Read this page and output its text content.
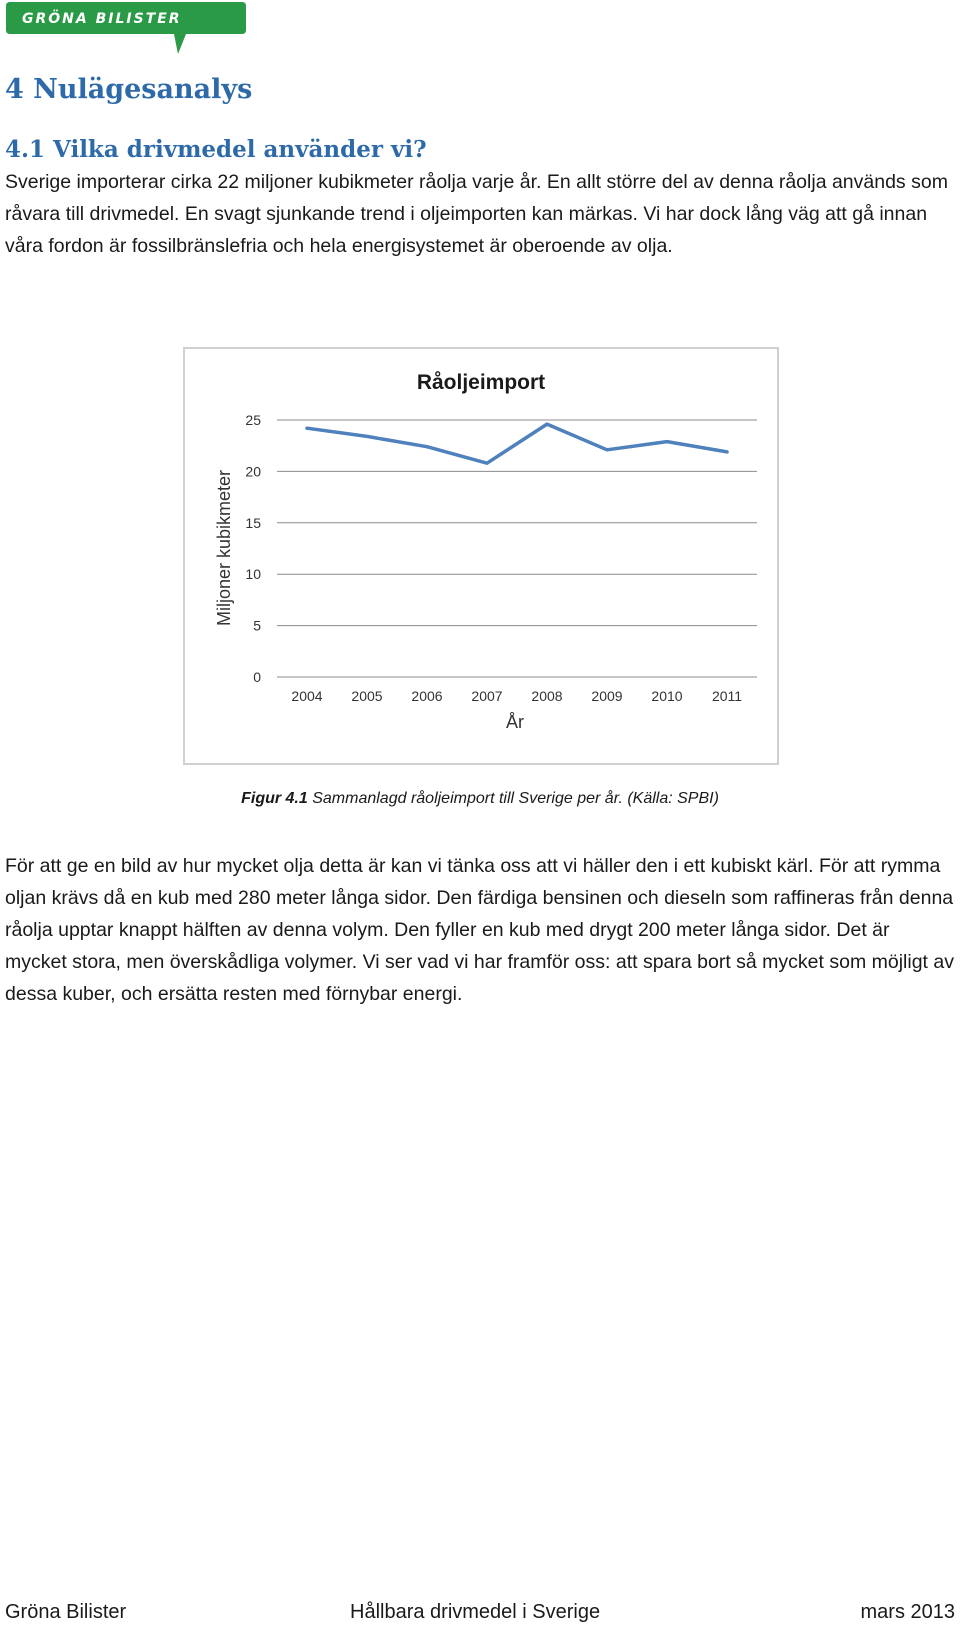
GRÖNA BILISTER
4 Nulägesanalys
4.1 Vilka drivmedel använder vi?

Sverige importerar cirka 22 miljoner kubikmeter råolja varje år. En allt större del av denna råolja används som råvara till drivmedel. En svagt sjunkande trend i oljeimporten kan märkas. Vi har dock lång väg att gå innan våra fordon är fossilbränslefria och hela energisystemet är oberoende av olja.

Råoljeimport
0
5
10
15
20
25
2004 2005 2006 2007 2008 2009 2010 2011
År
Miljoner kubikmeter
Figur 4.1 Sammanlagd råoljeimport till Sverige per år. (Källa: SPBI)

För att ge en bild av hur mycket olja detta är kan vi tänka oss att vi häller den i ett kubiskt kärl. För att rymma oljan krävs då en kub med 280 meter långa sidor. Den färdiga bensinen och dieseln som raffineras från denna råolja upptar knappt hälften av denna volym. Den fyller en kub med drygt 200 meter långa sidor. Det är mycket stora, men överskådliga volymer. Vi ser vad vi har framför oss: att spara bort så mycket som möjligt av dessa kuber, och ersätta resten med förnybar energi.

Gröna Bilister	Hållbara drivmedel i Sverige	mars 2013
